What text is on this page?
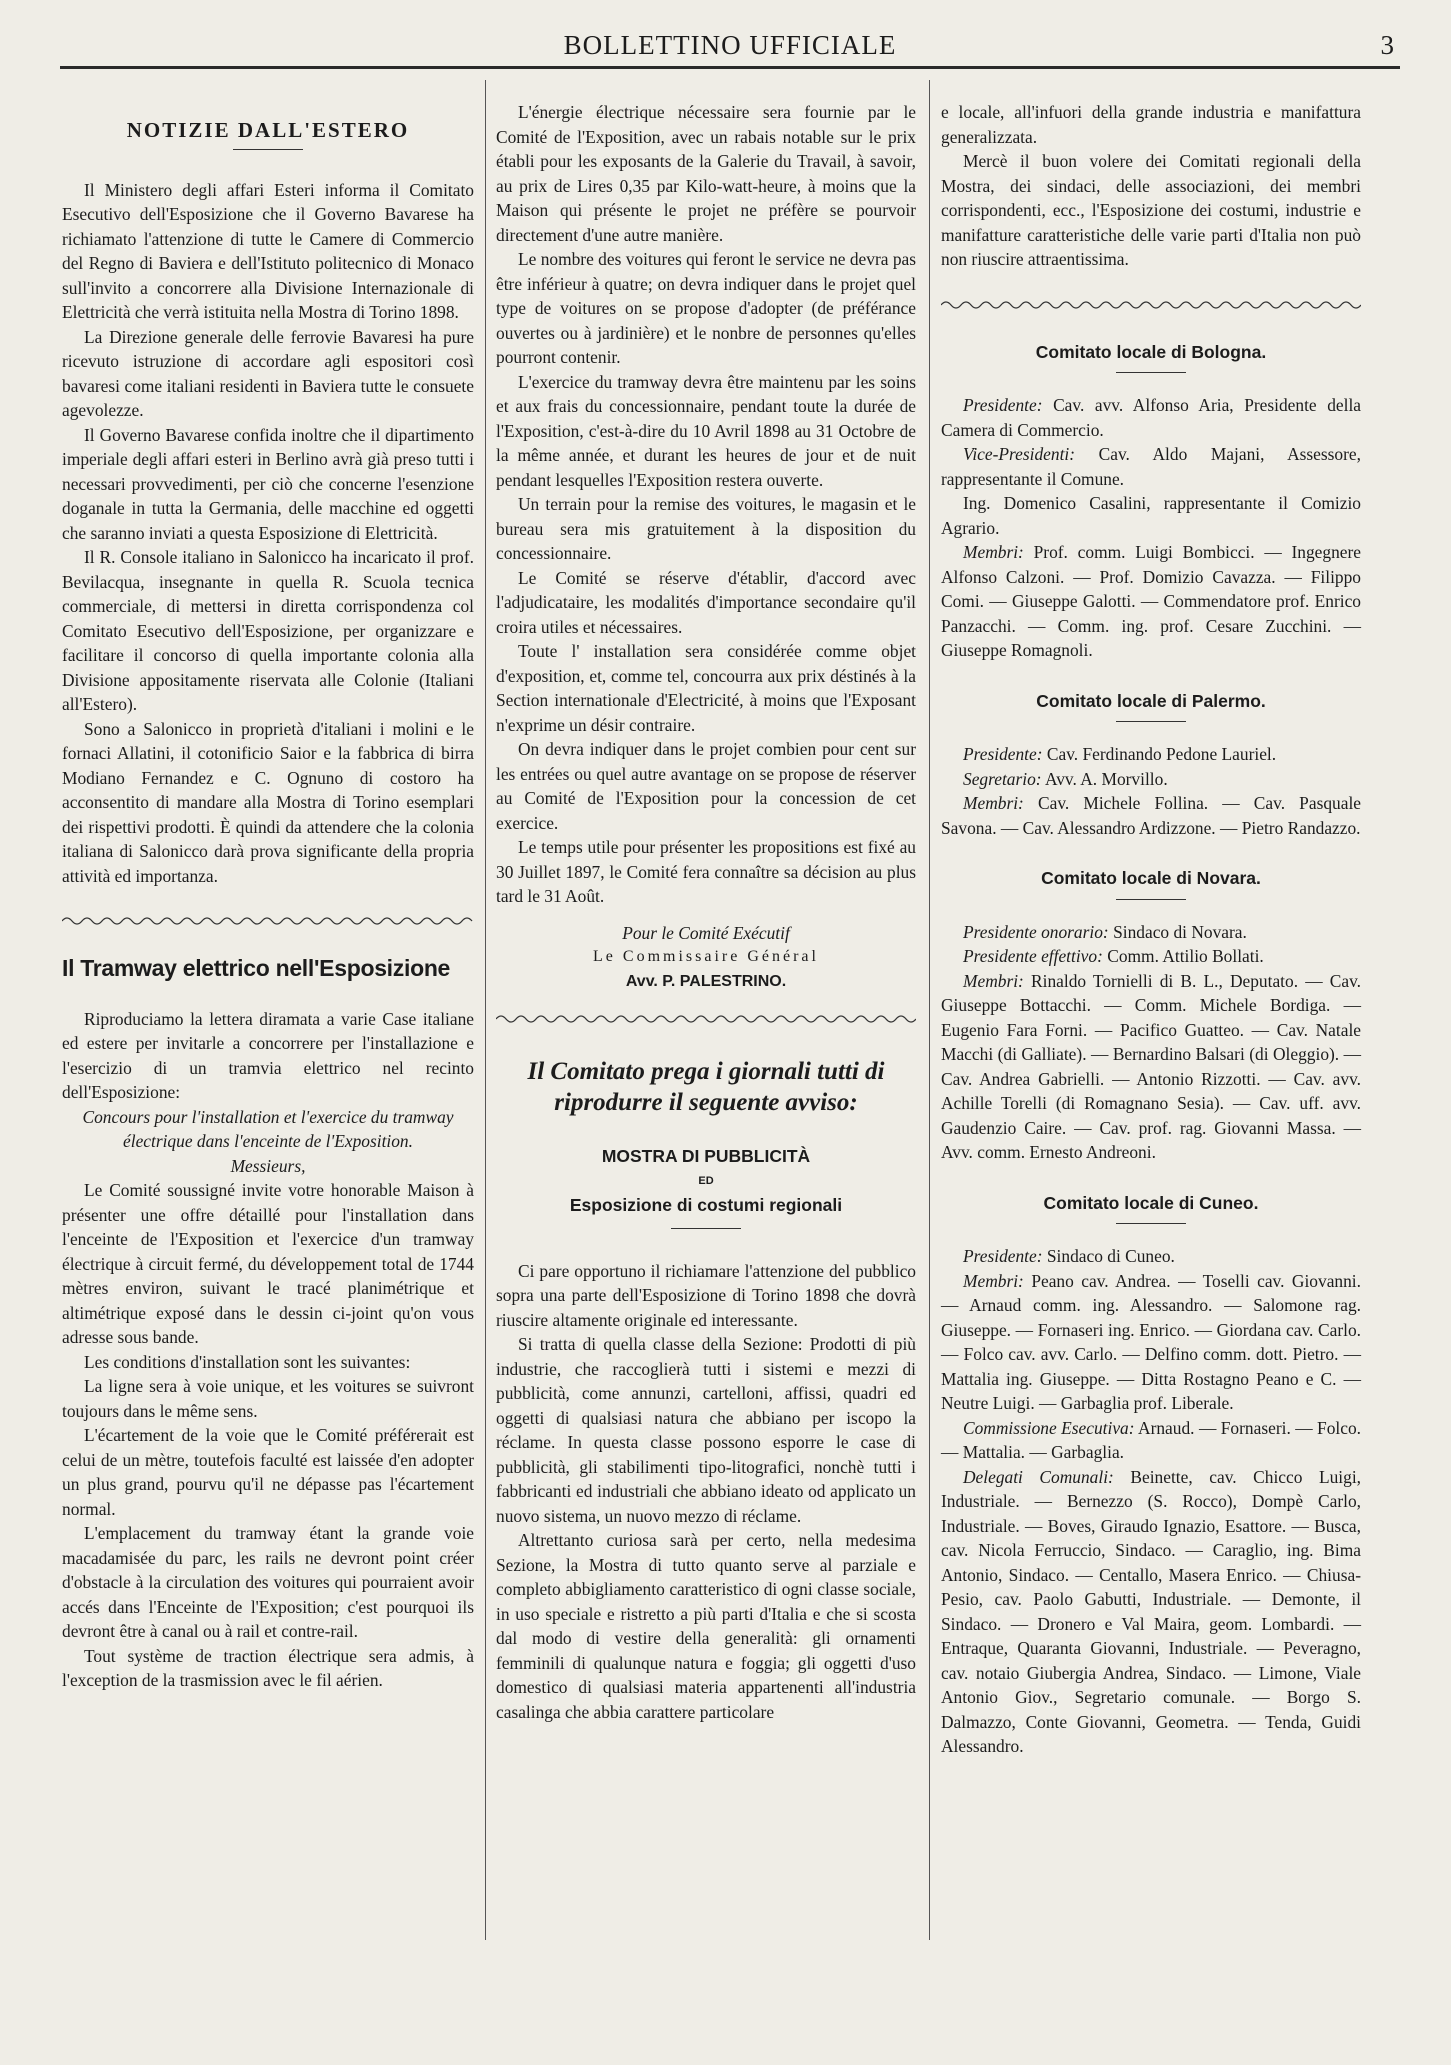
BOLLETTINO UFFICIALE	3
NOTIZIE DALL'ESTERO

Il Ministero degli affari Esteri informa il Comitato Esecutivo dell'Esposizione che il Governo Bavarese ha richiamato l'attenzione di tutte le Camere di Commercio del Regno di Baviera e dell'Istituto politecnico di Monaco sull'invito a concorrere alla Divisione Internazionale di Elettricità che verrà istituita nella Mostra di Torino 1898.

La Direzione generale delle ferrovie Bavaresi ha pure ricevuto istruzione di accordare agli espositori così bavaresi come italiani residenti in Baviera tutte le consuete agevolezze.

Il Governo Bavarese confida inoltre che il dipartimento imperiale degli affari esteri in Berlino avrà già preso tutti i necessari provvedimenti, per ciò che concerne l'esenzione doganale in tutta la Germania, delle macchine ed oggetti che saranno inviati a questa Esposizione di Elettricità.

Il R. Console italiano in Salonicco ha incaricato il prof. Bevilacqua, insegnante in quella R. Scuola tecnica commerciale, di mettersi in diretta corrispondenza col Comitato Esecutivo dell'Esposizione, per organizzare e facilitare il concorso di quella importante colonia alla Divisione appositamente riservata alle Colonie (Italiani all'Estero).

Sono a Salonicco in proprietà d'italiani i molini e le fornaci Allatini, il cotonificio Saior e la fabbrica di birra Modiano Fernandez e C. Ognuno di costoro ha acconsentito di mandare alla Mostra di Torino esemplari dei rispettivi prodotti. È quindi da attendere che la colonia italiana di Salonicco darà prova significante della propria attività ed importanza.

Il Tramway elettrico nell'Esposizione

Riproduciamo la lettera diramata a varie Case italiane ed estere per invitarle a concorrere per l'installazione e l'esercizio di un tramvia elettrico nel recinto dell'Esposizione:

Concours pour l'installation et l'exercice du tramway électrique dans l'enceinte de l'Exposition.

Messieurs,

Le Comité soussigné invite votre honorable Maison à présenter une offre détaillé pour l'installation dans l'enceinte de l'Exposition et l'exercice d'un tramway électrique à circuit fermé, du développement total de 1744 mètres environ, suivant le tracé planimétrique et altimétrique exposé dans le dessin ci-joint qu'on vous adresse sous bande.

Les conditions d'installation sont les suivantes:

La ligne sera à voie unique, et les voitures se suivront toujours dans le même sens.

L'écartement de la voie que le Comité préférerait est celui de un mètre, toutefois faculté est laissée d'en adopter un plus grand, pourvu qu'il ne dépasse pas l'écartement normal.

L'emplacement du tramway étant la grande voie macadamisée du parc, les rails ne devront point créer d'obstacle à la circulation des voitures qui pourraient avoir accés dans l'Enceinte de l'Exposition; c'est pourquoi ils devront être à canal ou à rail et contre-rail.

Tout système de traction électrique sera admis, à l'exception de la trasmission avec le fil aérien.

L'énergie électrique nécessaire sera fournie par le Comité de l'Exposition, avec un rabais notable sur le prix établi pour les exposants de la Galerie du Travail, à savoir, au prix de Lires 0,35 par Kilo-watt-heure, à moins que la Maison qui présente le projet ne préfère se pourvoir directement d'une autre manière.

Le nombre des voitures qui feront le service ne devra pas être inférieur à quatre; on devra indiquer dans le projet quel type de voitures on se propose d'adopter (de préférance ouvertes ou à jardinière) et le nonbre de personnes qu'elles pourront contenir.

L'exercice du tramway devra être maintenu par les soins et aux frais du concessionnaire, pendant toute la durée de l'Exposition, c'est-à-dire du 10 Avril 1898 au 31 Octobre de la même année, et durant les heures de jour et de nuit pendant lesquelles l'Exposition restera ouverte.

Un terrain pour la remise des voitures, le magasin et le bureau sera mis gratuitement à la disposition du concessionnaire.

Le Comité se réserve d'établir, d'accord avec l'adjudicataire, les modalités d'importance secondaire qu'il croira utiles et nécessaires.

Toute l' installation sera considérée comme objet d'exposition, et, comme tel, concourra aux prix déstinés à la Section internationale d'Electricité, à moins que l'Exposant n'exprime un désir contraire.

On devra indiquer dans le projet combien pour cent sur les entrées ou quel autre avantage on se propose de réserver au Comité de l'Exposition pour la concession de cet exercice.

Le temps utile pour présenter les propositions est fixé au 30 Juillet 1897, le Comité fera connaître sa décision au plus tard le 31 Août.

Pour le Comité Exécutif

Le Commissaire Général

Avv. P. PALESTRINO.

Il Comitato prega i giornali tutti di riprodurre il seguente avviso:

MOSTRA DI PUBBLICITÀ

ED

Esposizione di costumi regionali

Ci pare opportuno il richiamare l'attenzione del pubblico sopra una parte dell'Esposizione di Torino 1898 che dovrà riuscire altamente originale ed interessante.

Si tratta di quella classe della Sezione: Prodotti di più industrie, che raccoglierà tutti i sistemi e mezzi di pubblicità, come annunzi, cartelloni, affissi, quadri ed oggetti di qualsiasi natura che abbiano per iscopo la réclame. In questa classe possono esporre le case di pubblicità, gli stabilimenti tipo-litografici, nonchè tutti i fabbricanti ed industriali che abbiano ideato od applicato un nuovo sistema, un nuovo mezzo di réclame.

Altrettanto curiosa sarà per certo, nella medesima Sezione, la Mostra di tutto quanto serve al parziale e completo abbigliamento caratteristico di ogni classe sociale, in uso speciale e ristretto a più parti d'Italia e che si scosta dal modo di vestire della generalità: gli ornamenti femminili di qualunque natura e foggia; gli oggetti d'uso domestico di qualsiasi materia appartenenti all'industria casalinga che abbia carattere particolare

e locale, all'infuori della grande industria e manifattura generalizzata.

Mercè il buon volere dei Comitati regionali della Mostra, dei sindaci, delle associazioni, dei membri corrispondenti, ecc., l'Esposizione dei costumi, industrie e manifatture caratteristiche delle varie parti d'Italia non può non riuscire attraentissima.

Comitato locale di Bologna.

Presidente: Cav. avv. Alfonso Aria, Presidente della Camera di Commercio.

Vice-Presidenti: Cav. Aldo Majani, Assessore, rappresentante il Comune.

Ing. Domenico Casalini, rappresentante il Comizio Agrario.

Membri: Prof. comm. Luigi Bombicci. — Ingegnere Alfonso Calzoni. — Prof. Domizio Cavazza. — Filippo Comi. — Giuseppe Galotti. — Commendatore prof. Enrico Panzacchi. — Comm. ing. prof. Cesare Zucchini. — Giuseppe Romagnoli.

Comitato locale di Palermo.

Presidente: Cav. Ferdinando Pedone Lauriel.

Segretario: Avv. A. Morvillo.

Membri: Cav. Michele Follina. — Cav. Pasquale Savona. — Cav. Alessandro Ardizzone. — Pietro Randazzo.

Comitato locale di Novara.

Presidente onorario: Sindaco di Novara.

Presidente effettivo: Comm. Attilio Bollati.

Membri: Rinaldo Tornielli di B. L., Deputato. — Cav. Giuseppe Bottacchi. — Comm. Michele Bordiga. — Eugenio Fara Forni. — Pacifico Guatteo. — Cav. Natale Macchi (di Galliate). — Bernardino Balsari (di Oleggio). — Cav. Andrea Gabrielli. — Antonio Rizzotti. — Cav. avv. Achille Torelli (di Romagnano Sesia). — Cav. uff. avv. Gaudenzio Caire. — Cav. prof. rag. Giovanni Massa. — Avv. comm. Ernesto Andreoni.

Comitato locale di Cuneo.

Presidente: Sindaco di Cuneo.

Membri: Peano cav. Andrea. — Toselli cav. Giovanni. — Arnaud comm. ing. Alessandro. — Salomone rag. Giuseppe. — Fornaseri ing. Enrico. — Giordana cav. Carlo. — Folco cav. avv. Carlo. — Delfino comm. dott. Pietro. — Mattalia ing. Giuseppe. — Ditta Rostagno Peano e C. — Neutre Luigi. — Garbaglia prof. Liberale.

Commissione Esecutiva: Arnaud. — Fornaseri. — Folco. — Mattalia. — Garbaglia.

Delegati Comunali: Beinette, cav. Chicco Luigi, Industriale. — Bernezzo (S. Rocco), Dompè Carlo, Industriale. — Boves, Giraudo Ignazio, Esattore. — Busca, cav. Nicola Ferruccio, Sindaco. — Caraglio, ing. Bima Antonio, Sindaco. — Centallo, Masera Enrico. — Chiusa-Pesio, cav. Paolo Gabutti, Industriale. — Demonte, il Sindaco. — Dronero e Val Maira, geom. Lombardi. — Entraque, Quaranta Giovanni, Industriale. — Peveragno, cav. notaio Giubergia Andrea, Sindaco. — Limone, Viale Antonio Giov., Segretario comunale. — Borgo S. Dalmazzo, Conte Giovanni, Geometra. — Tenda, Guidi Alessandro.
